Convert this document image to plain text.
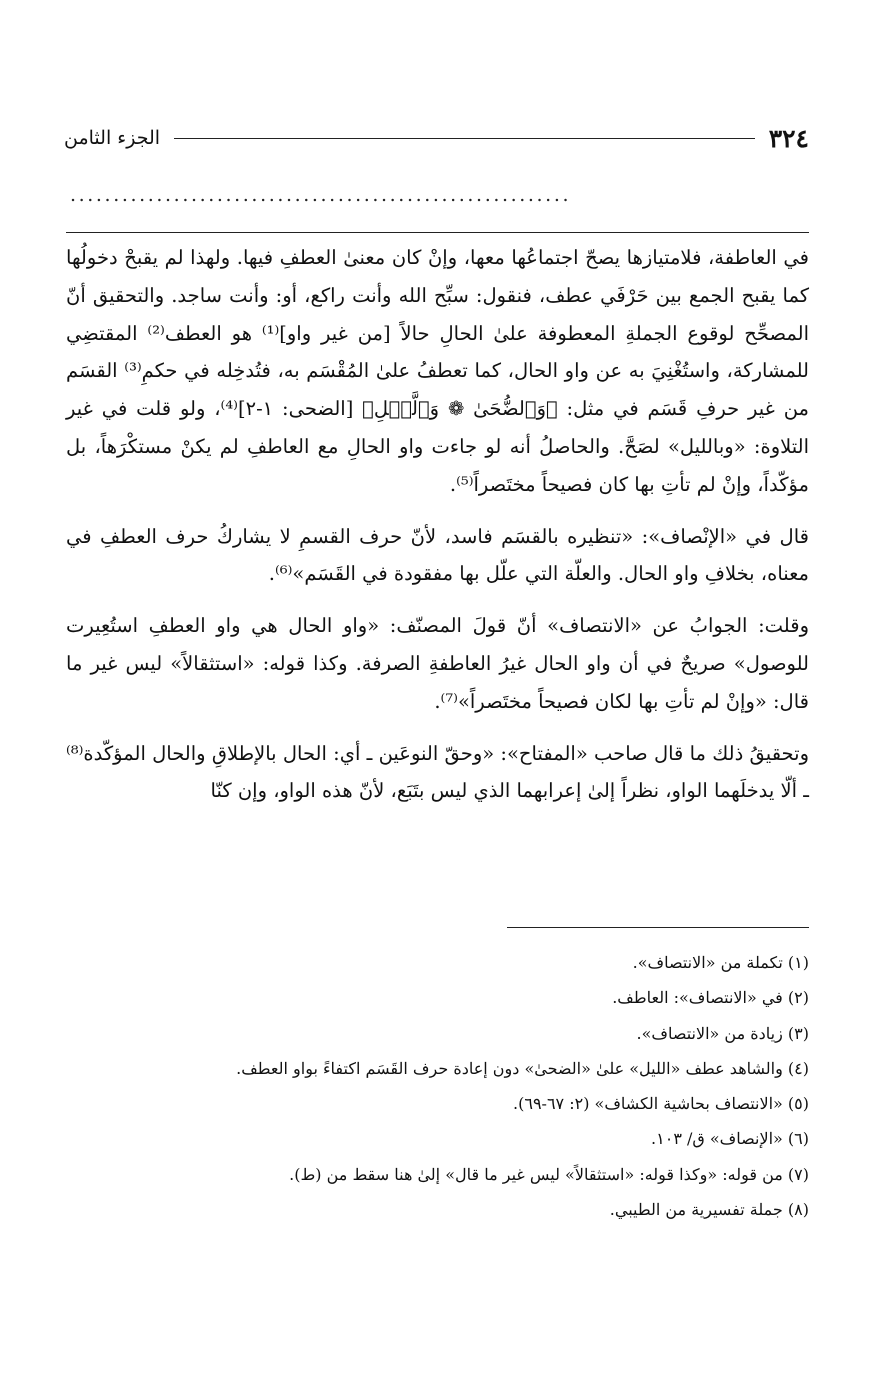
٣٢٤
الجزء الثامن
..........................................................

في العاطفة، فلامتيازها يصحّ اجتماعُها معها، وإنْ كان معنىٰ العطفِ فيها. ولهذا لم يقبحْ دخولُها كما يقبح الجمع بين حَرْفَي عطف، فنقول: سبِّح الله وأنت راكع، أو: وأنت ساجد. والتحقيق أنّ المصحِّح لوقوع الجملةِ المعطوفة علىٰ الحالِ حالاً [من غير واو]⁽¹⁾ هو العطف⁽²⁾ المقتضِي للمشاركة، واستُغْنِيَ به عن واو الحال، كما تعطفُ علىٰ المُقْسَم به، فتُدخِله في حكمِ⁽³⁾ القسَم من غير حرفِ قَسَم في مثل: ﴿وَٱلضُّحَىٰ ❁ وَٱلَّيۡلِ﴾ [الضحى: ١-٢]⁽⁴⁾، ولو قلت في غير التلاوة: «وبالليل» لصَحَّ. والحاصلُ أنه لو جاءت واو الحالِ مع العاطفِ لم يكنْ مستكْرَهاً، بل مؤكّداً، وإنْ لم تأتِ بها كان فصيحاً مختَصراً⁽⁵⁾.

قال في «الإنْصاف»: «تنظيره بالقسَم فاسد، لأنّ حرف القسمِ لا يشاركُ حرف العطفِ في معناه، بخلافِ واو الحال. والعلّة التي علّل بها مفقودة في القَسَم»⁽⁶⁾.

وقلت: الجوابُ عن «الانتصاف» أنّ قولَ المصنّف: «واو الحال هي واو العطفِ استُعِيرت للوصول» صريحٌ في أن واو الحال غيرُ العاطفةِ الصرفة. وكذا قوله: «استثقالاً» ليس غير ما قال: «وإنْ لم تأتِ بها لكان فصيحاً مختَصراً»⁽⁷⁾.

وتحقيقُ ذلك ما قال صاحب «المفتاح»: «وحقّ النوعَين ـ أي: الحال بالإطلاقِ والحال المؤكّدة⁽⁸⁾ ـ ألّا يدخلَهما الواو، نظراً إلىٰ إعرابهما الذي ليس بتَبَع، لأنّ هذه الواو، وإن كنّا

(١) تكملة من «الانتصاف».
(٢) في «الانتصاف»: العاطف.
(٣) زيادة من «الانتصاف».
(٤) والشاهد عطف «الليل» علىٰ «الضحىٰ» دون إعادة حرف القَسَم اكتفاءً بواو العطف.
(٥) «الانتصاف بحاشية الكشاف» (٢: ٦٧-٦٩).
(٦) «الإنصاف» ق/ ١٠٣.
(٧) من قوله: «وكذا قوله: «استثقالاً» ليس غير ما قال» إلىٰ هنا سقط من (ط).
(٨) جملة تفسيرية من الطيبي.
